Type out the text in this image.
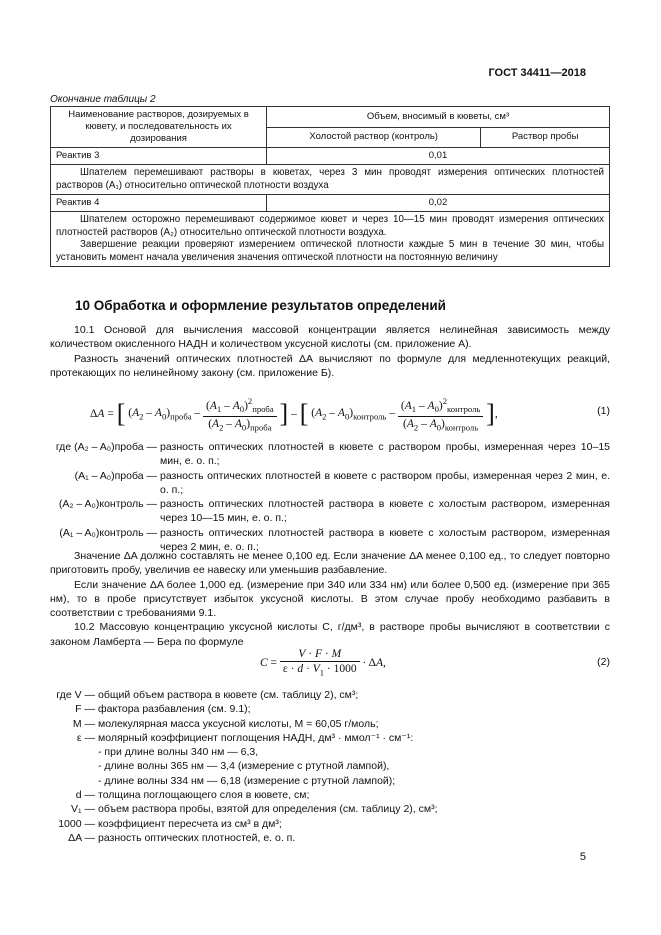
ГОСТ 34411—2018
Окончание таблицы 2
Наименование растворов, дозируемых в кювету, и последовательность их дозирования	Объем, вносимый в кюветы, см³	
	Холостой раствор (контроль)	Раствор пробы
Реактив 3	0,01	
Шпателем перемешивают растворы в кюветах, через 3 мин проводят измерения оптических плотностей растворов (A₁) относительно оптической плотности воздуха		
Реактив 4	0,02	

Шпателем осторожно перемешивают содержимое кювет и через 10—15 мин проводят измерения оптических плотностей растворов (A₂) относительно оптической плотности воздуха.
Завершение реакции проверяют измерением оптической плотности каждые 5 мин в течение 30 мин, чтобы установить момент начала увеличения значения оптической плотности на постоянную величину		
10 Обработка и оформление результатов определений

10.1 Основой для вычисления массовой концентрации является нелинейная зависимость между количеством окисленного НАДН и количеством уксусной кислоты (см. приложение А).

Разность значений оптических плотностей ΔA вычисляют по формуле для медленнотекущих реакций, протекающих по нелинейному закону (см. приложение Б).

ΔA = [ $(A_2 - A_0)_{проба} - \frac{(A_1 - A_0)^2_{проба}}{(A_2 - A_0)_{проба}}$ ] – [ $(A_2 - A_0)_{контроль} - \frac{(A_1 - A_0)^2_{контроль}}{(A_2 - A_0)_{контроль}}$ ],	(1)
где (A₂ – A₀)проба — разность оптических плотностей в кювете с раствором пробы, измеренная через 10–15 мин, е. о. п.;
(A₁ – A₀)проба — разность оптических плотностей в кювете с раствором пробы, измеренная через 2 мин, е. о. п.;
(A₂ – A₀)контроль — разность оптических плотностей раствора в кювете с холостым раствором, измеренная через 10—15 мин, е. о. п.;
(A₁ – A₀)контроль — разность оптических плотностей раствора в кювете с холостым раствором, измеренная через 2 мин, е. о. п.;

Значение ΔA должно составлять не менее 0,100 ед. Если значение ΔA менее 0,100 ед., то следует повторно приготовить пробу, увеличив ее навеску или уменьшив разбавление.

Если значение ΔA более 1,000 ед. (измерение при 340 или 334 нм) или более 0,500 ед. (измерение при 365 нм), то в пробе присутствует избыток уксусной кислоты. В этом случае пробу необходимо разбавить в соответствии с требованиями 9.1.

10.2 Массовую концентрацию уксусной кислоты C, г/дм³, в растворе пробы вычисляют в соответствии с законом Ламберта — Бера по формуле

$C = \frac{V \cdot F \cdot M}{\varepsilon \cdot d \cdot V_1 \cdot 1000} \cdot \Delta A$,	(2)
где V — общий объем раствора в кювете (см. таблицу 2), см³;
F — фактора разбавления (см. 9.1);
M — молекулярная масса уксусной кислоты, M = 60,05 г/моль;
ε — молярный коэффициент поглощения НАДН, дм³ · ммол⁻¹ · см⁻¹:
- при длине волны 340 нм — 6,3,
- длине волны 365 нм — 3,4 (измерение с ртутной лампой),
- длине волны 334 нм — 6,18 (измерение с ртутной лампой);
d — толщина поглощающего слоя в кювете, см;
V₁ — объем раствора пробы, взятой для определения (см. таблицу 2), см³;
1000 — коэффициент пересчета из см³ в дм³;
ΔA — разность оптических плотностей, е. о. п.
5
